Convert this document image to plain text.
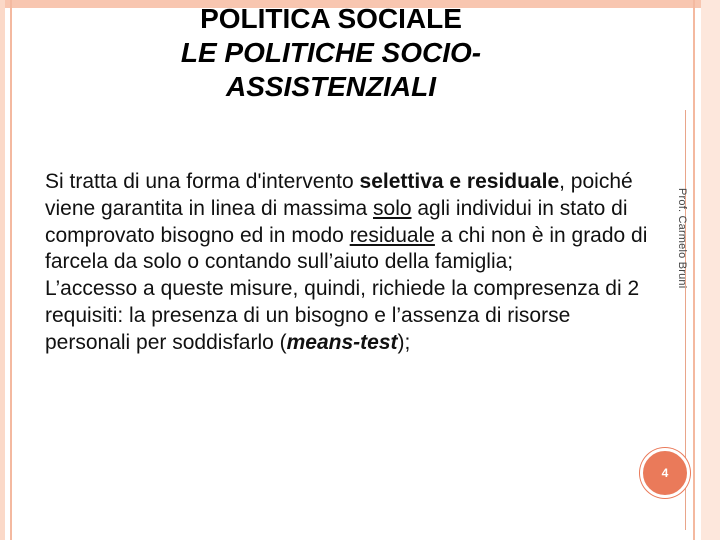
POLITICA SOCIALE
LE POLITICHE SOCIO-ASSISTENZIALI

Si tratta di una forma d'intervento selettiva e residuale, poiché viene garantita in linea di massima solo agli individui in stato di comprovato bisogno ed in modo residuale a chi non è in grado di farcela da solo o contando sull’aiuto della famiglia;

L’accesso a queste misure, quindi, richiede la compresenza di 2 requisiti: la presenza di un bisogno e l’assenza di risorse personali per soddisfarlo (means-test);

Prof. Carmelo Bruni
4
